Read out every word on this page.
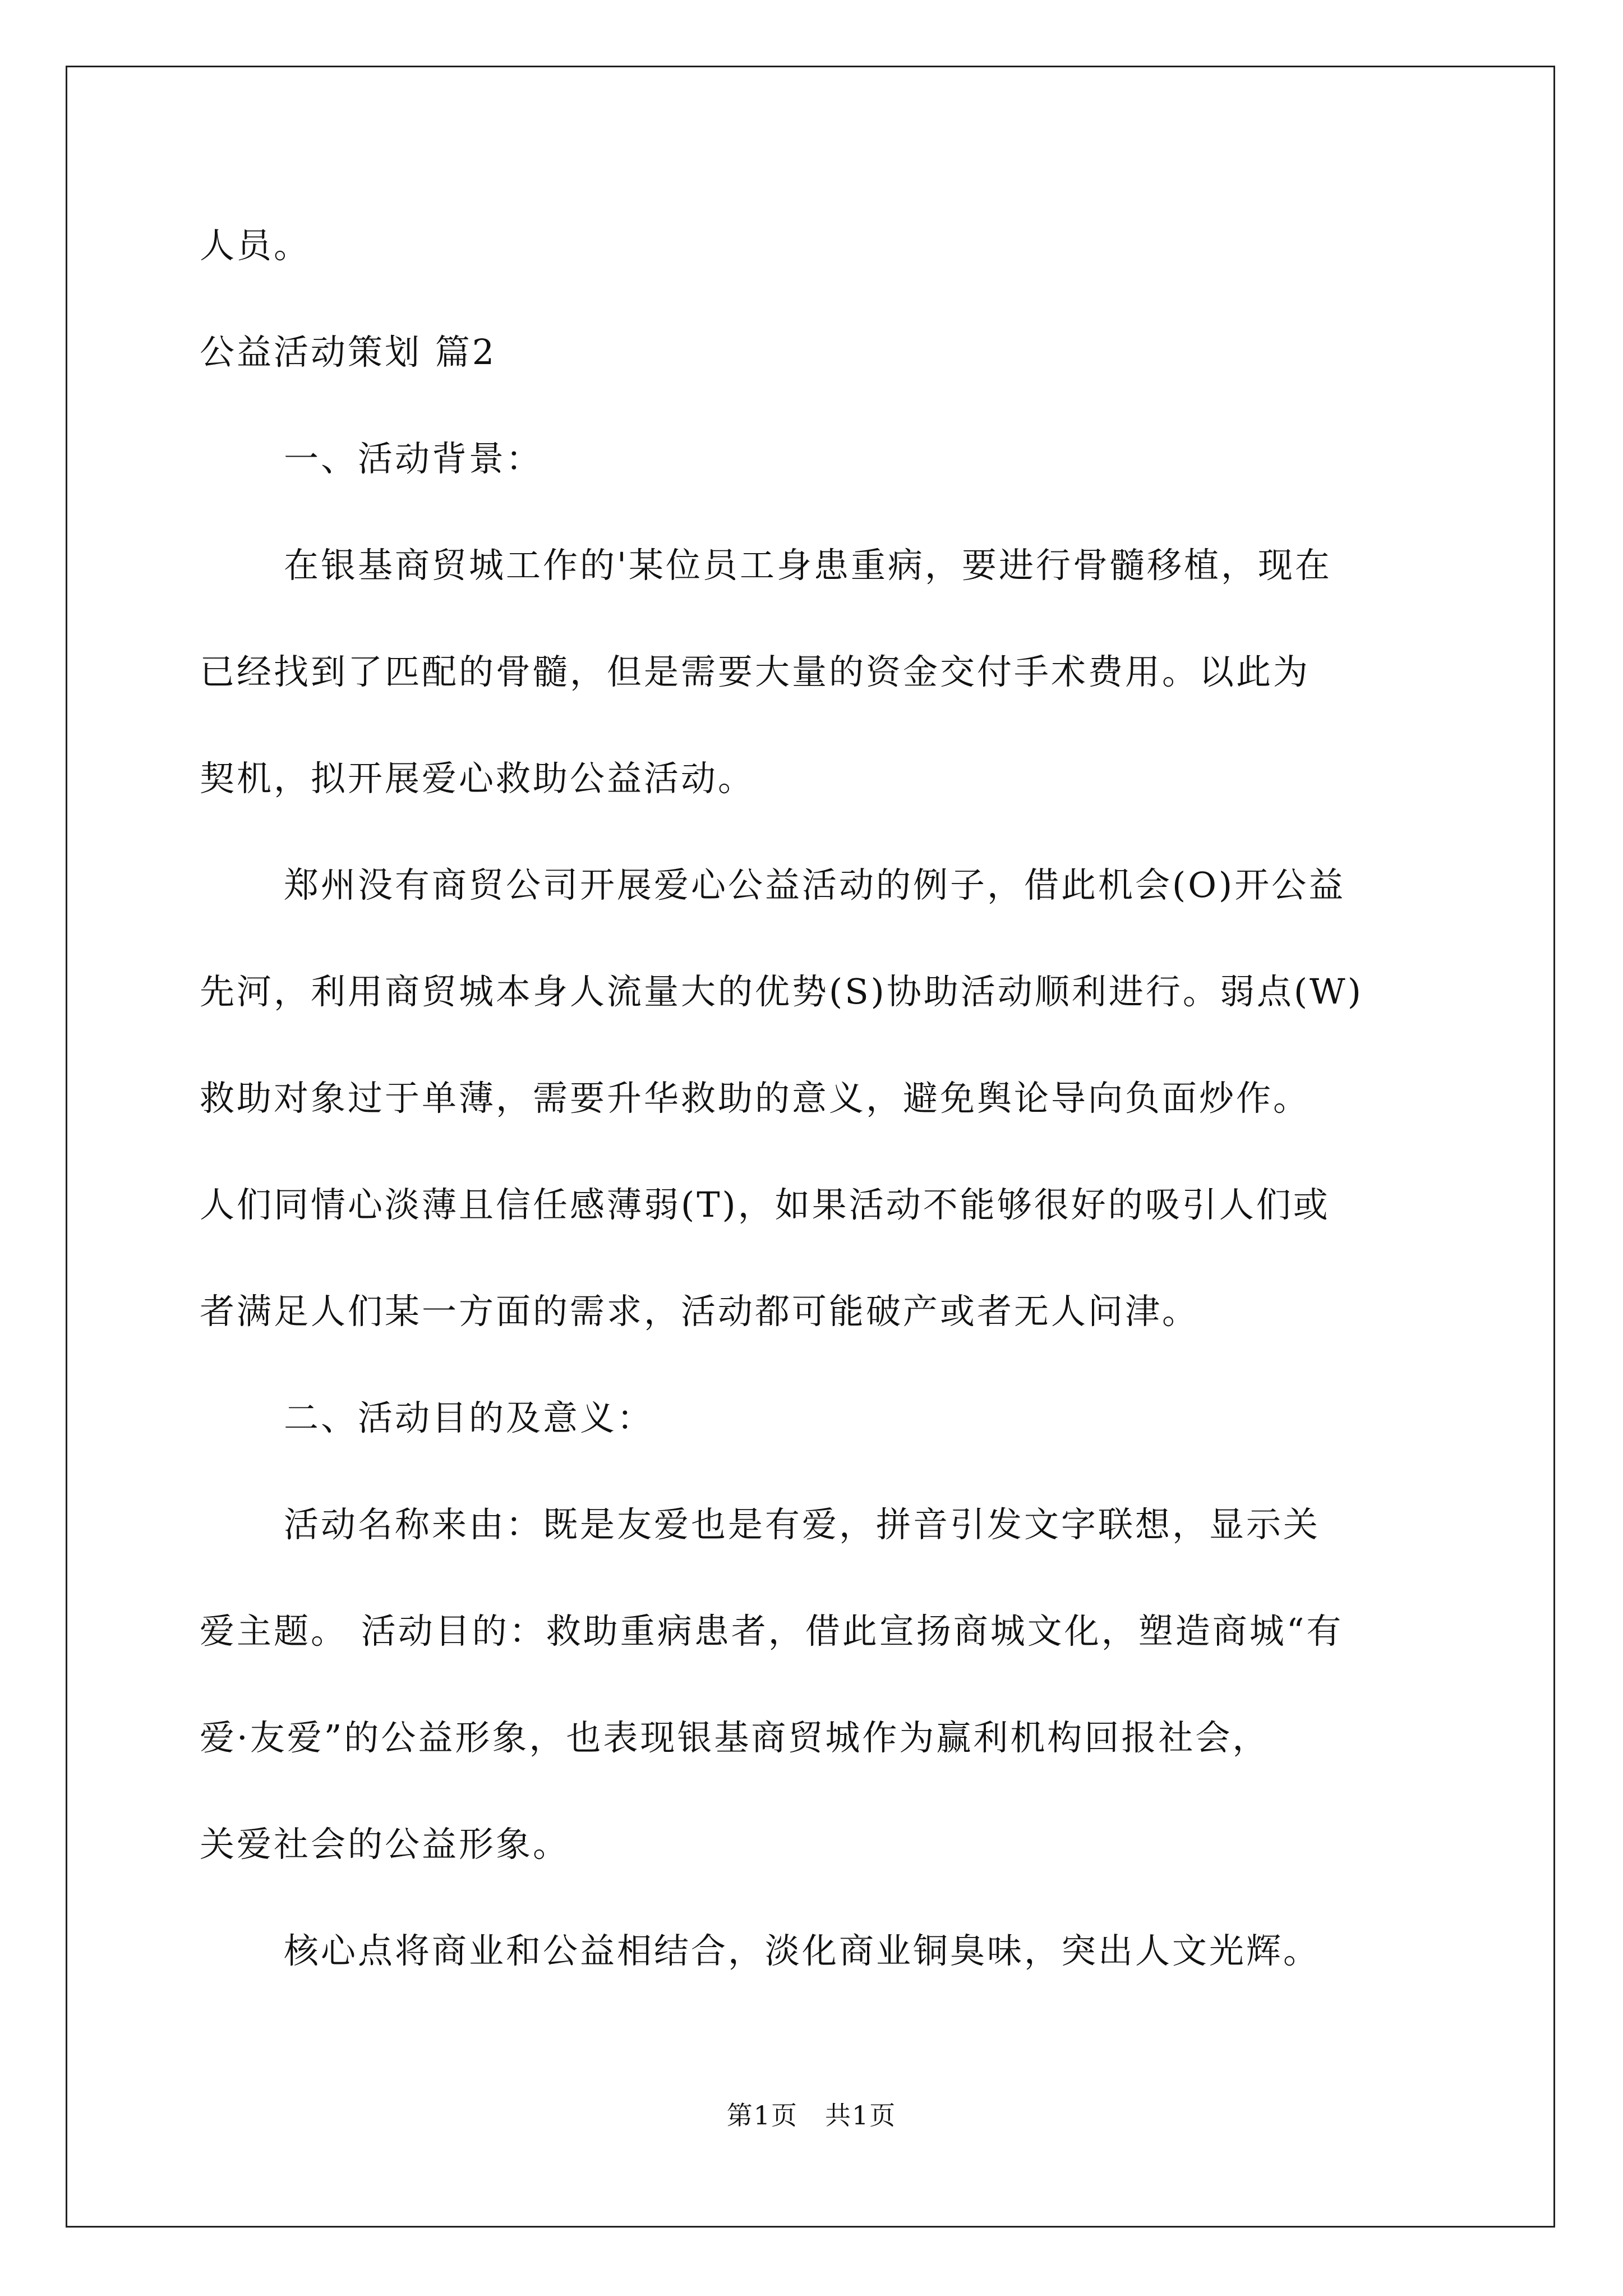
人员。
公益活动策划 篇2
一、活动背景：
在银基商贸城工作的'某位员工身患重病，要进行骨髓移植，现在
已经找到了匹配的骨髓，但是需要大量的资金交付手术费用。以此为
契机，拟开展爱心救助公益活动。
郑州没有商贸公司开展爱心公益活动的例子，借此机会(O)开公益
先河，利用商贸城本身人流量大的优势(S)协助活动顺利进行。弱点(W)
救助对象过于单薄，需要升华救助的意义，避免舆论导向负面炒作。
人们同情心淡薄且信任感薄弱(T)，如果活动不能够很好的吸引人们或
者满足人们某一方面的需求，活动都可能破产或者无人问津。
二、活动目的及意义：
活动名称来由：既是友爱也是有爱，拼音引发文字联想，显示关
爱主题。 活动目的：救助重病患者，借此宣扬商城文化，塑造商城“有
爱·友爱”的公益形象，也表现银基商贸城作为赢利机构回报社会，
关爱社会的公益形象。
核心点将商业和公益相结合，淡化商业铜臭味，突出人文光辉。
第1页　共1页
